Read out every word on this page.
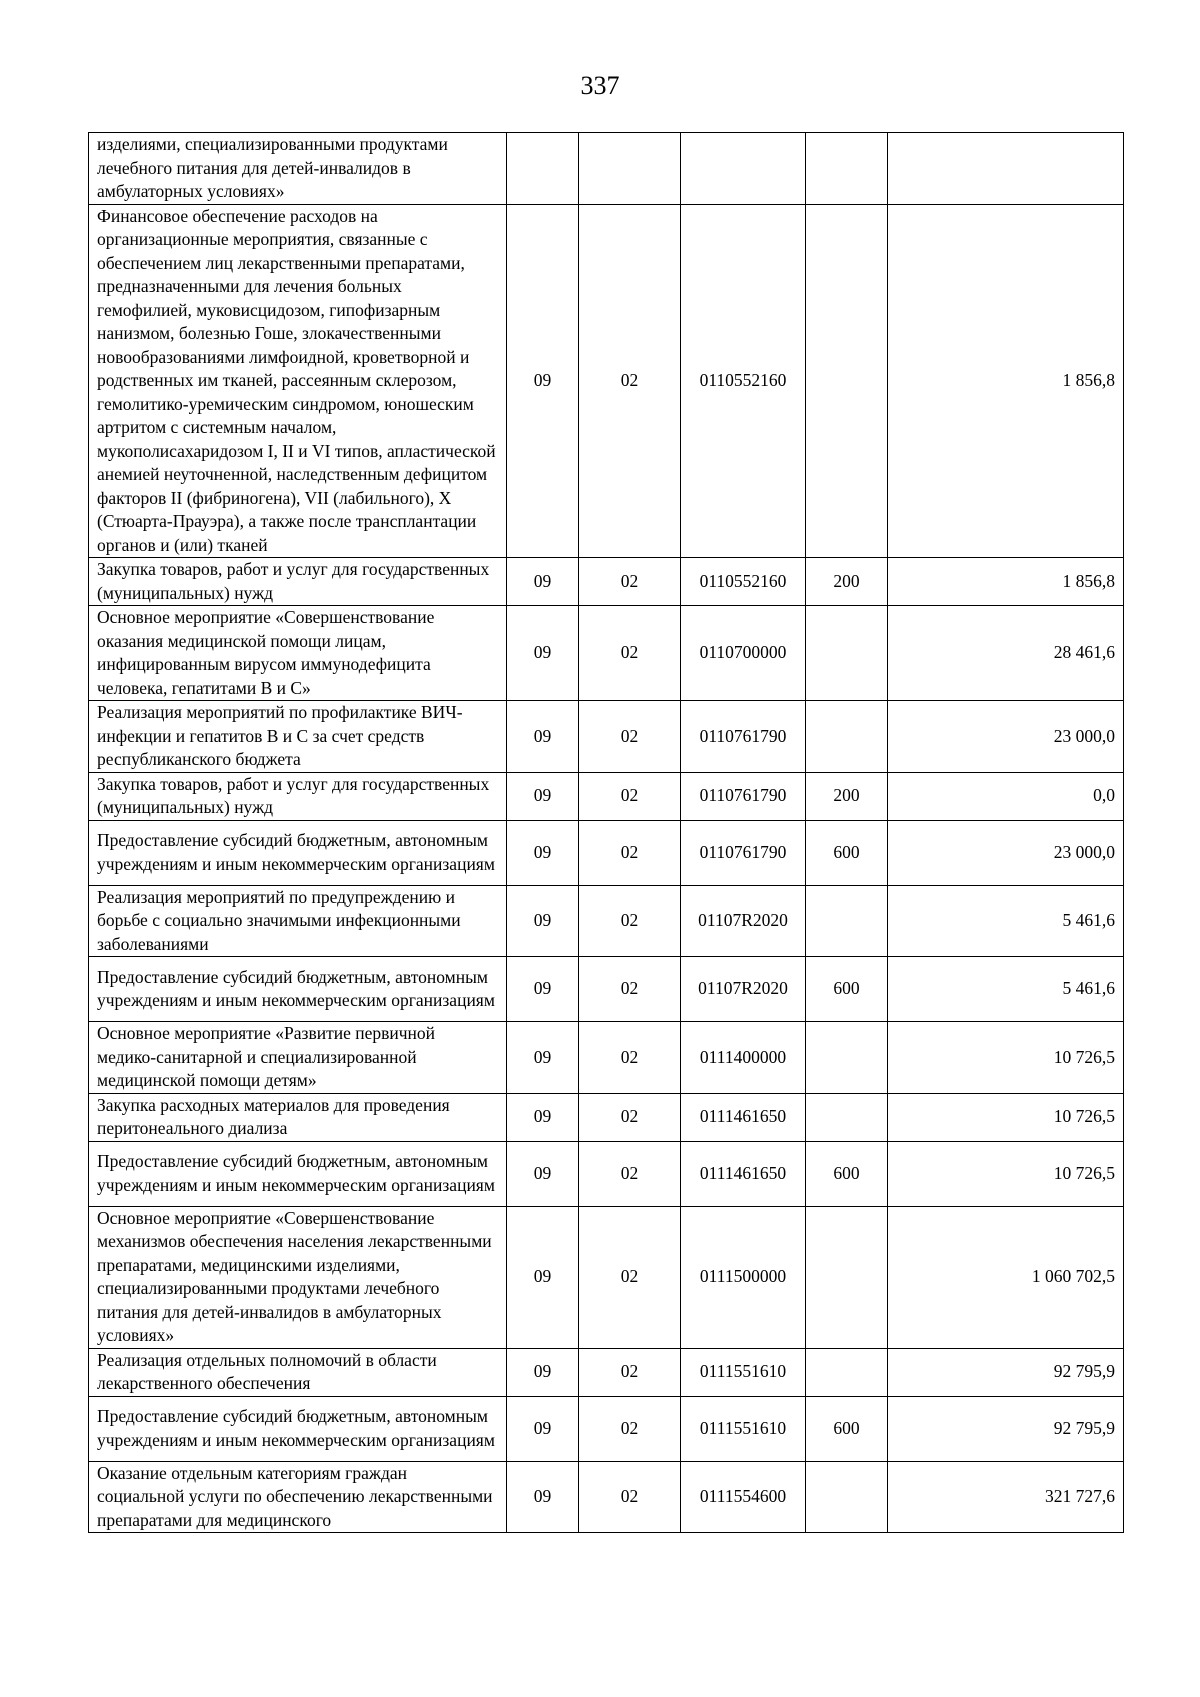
337
изделиями, специализированными продуктами лечебного питания для детей-инвалидов в амбулаторных условиях»					
Финансовое обеспечение расходов на организационные мероприятия, связанные с обеспечением лиц лекарственными препаратами, предназначенными для лечения больных гемофилией, муковисцидозом, гипофизарным нанизмом, болезнью Гоше, злокачественными новообразованиями лимфоидной, кроветворной и родственных им тканей, рассеянным склерозом, гемолитико-уремическим синдромом, юношеским артритом с системным началом, мукополисахаридозом I, II и VI типов, апластической анемией неуточненной, наследственным дефицитом факторов II (фибриногена), VII (лабильного), X (Стюарта-Прауэра), а также после трансплантации органов и (или) тканей	09	02	0110552160		1 856,8
Закупка товаров, работ и услуг для государственных (муниципальных) нужд	09	02	0110552160	200	1 856,8
Основное мероприятие «Совершенствование оказания медицинской помощи лицам, инфицированным вирусом иммунодефицита человека, гепатитами В и С»	09	02	0110700000		28 461,6
Реализация мероприятий по профилактике ВИЧ-инфекции и гепатитов В и С за счет средств республиканского бюджета	09	02	0110761790		23 000,0
Закупка товаров, работ и услуг для государственных (муниципальных) нужд	09	02	0110761790	200	0,0
Предоставление субсидий бюджетным, автономным учреждениям и иным некоммерческим организациям	09	02	0110761790	600	23 000,0
Реализация мероприятий по предупреждению и борьбе с социально значимыми инфекционными заболеваниями	09	02	01107R2020		5 461,6
Предоставление субсидий бюджетным, автономным учреждениям и иным некоммерческим организациям	09	02	01107R2020	600	5 461,6
Основное мероприятие «Развитие первичной медико-санитарной и специализированной медицинской помощи детям»	09	02	0111400000		10 726,5
Закупка расходных материалов для проведения перитонеального диализа	09	02	0111461650		10 726,5
Предоставление субсидий бюджетным, автономным учреждениям и иным некоммерческим организациям	09	02	0111461650	600	10 726,5
Основное мероприятие «Совершенствование механизмов обеспечения населения лекарственными препаратами, медицинскими изделиями, специализированными продуктами лечебного питания для детей-инвалидов в амбулаторных условиях»	09	02	0111500000		1 060 702,5
Реализация отдельных полномочий в области лекарственного обеспечения	09	02	0111551610		92 795,9
Предоставление субсидий бюджетным, автономным учреждениям и иным некоммерческим организациям	09	02	0111551610	600	92 795,9
Оказание отдельным категориям граждан социальной услуги по обеспечению лекарственными препаратами для медицинского	09	02	0111554600		321 727,6
